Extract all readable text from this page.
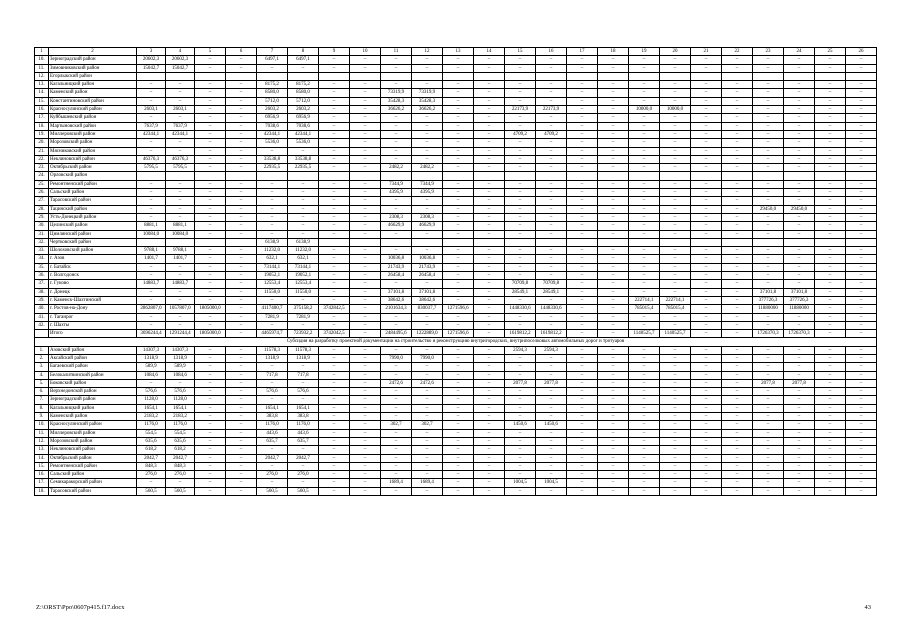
1	2	3	4	5	6	7	8	9	10	11	12	13	14	15	16	17	18	19	20	21	22	23	24	25	26
10.	Зерноградский район	20602,3	20602,3	–	–	6497,1	6497,1	–	–	–	–	–	–	–	–	–	–	–	–	–	–	–	–	–	–
11.	Зимовниковский район	15042,7	15042,7	–	–	–	–	–	–	–	–	–	–	–	–	–	–	–	–	–	–	–	–	–	–
12.	Егорлыкский район																								
13.	Кагальницкий район	–	–	–	–	8175,2	8175,2	–	–	–	–	–	–	–	–	–	–	–	–	–	–	–	–	–	–
14.	Каменский район	–	–	–	–	8580,0	8580,0	–	–	73319,9	73319,9	–	–	–	–	–	–	–	–	–	–	–	–	–	–
15.	Константиновский район	–	–	–	–	5712,0	5712,0	–	–	35428,3	35428,3	–	–	–	–	–	–	–	–	–	–	–	–	–	–
16.	Красносулинский район	2603,1	2603,1	–	–	2603,2	2603,2	–	–	36626,2	36626,2	–	–	22173,9	22173,9	–	–	10000,0	10000,0	–	–	–	–	–	–
17.	Куйбышевский район	–	–	–	–	6956,9	6956,9	–	–	–	–	–	–	–	–	–	–	–	–	–	–	–	–	–	–
18.	Мартыновский район	7637,9	7637,9	–	–	7038,6	7038,6	–	–	–	–	–	–	–	–	–	–	–	–	–	–	–	–	–	–
19.	Миллеровский район	42344,1	42344,1	–	–	42344,1	42344,1	–	–	–	–	–	–	4709,2	4709,2	–	–	–	–	–	–	–	–	–	–
20.	Морозовский район	–	–	–	–	5536,0	5536,0	–	–	–	–	–	–	–	–	–	–	–	–	–	–	–	–	–	–
21.	Мясниковский район	–	–	–	–	–	–	–	–	–	–	–	–	–	–	–	–	–	–	–	–	–	–	–	–
22.	Неклиновский район	46376,3	46376,3	–	–	33538,8	33538,8	–	–	–	–	–	–	–	–	–	–	–	–	–	–	–	–	–	–
23.	Октябрьский район	5795,5	5795,5	–	–	22935,5	22935,5	–	–	2482,2	2482,2	–	–	–	–	–	–	–	–	–	–	–	–	–	–
24.	Орловский район																								
25.	Ремонтненский район	–	–	–	–	–	–	–	–	7344,9	7344,9	–	–	–	–	–	–	–	–	–	–	–	–	–	–
26.	Сальский район	–	–	–	–	–	–	–	–	4395,9	4395,9	–	–	–	–	–	–	–	–	–	–	–	–	–	–
27.	Тарасовский район	–	–	–	–	–	–	–	–	–	–	–	–	–	–	–	–	–	–	–	–	–	–	–	–
28.	Тацинский район	–	–	–	–	–	–	–	–	–	–	–	–	–	–	–	–	–	–	–	–	29450,0	29450,0	–	–
29.	Усть-Донецкий район	–	–	–	–	–	–	–	–	2308,3	2308,3	–	–	–	–	–	–	–	–	–	–	–	–	–	–
30.	Целинский район	8881,1	8881,1	–	–	–	–	–	–	46629,9	46629,9	–	–	–	–	–	–	–	–	–	–	–	–	–	–
31.	Цимлянский район	10084,0	10084,0	–	–	–	–	–	–	–	–	–	–	–	–	–	–	–	–	–	–	–	–	–	–
32.	Чертковский район					6138,9	6138,9																		
33.	Шолоховский район	9788,1	9788,1	–	–	11232,0	11232,0	–	–	–	–	–	–	–	–	–	–	–	–	–	–	–	–	–	–
34.	г. Азов	1401,7	1401,7	–	–	632,1	632,1	–	–	10036,8	10036,8	–	–	–	–	–	–	–	–	–	–	–	–	–	–
35.	г. Батайск	–	–	–	–	73144,1	73144,1	–	–	21743,9	21743,9	–	–	–	–	–	–	–	–	–	–	–	–	–	–
36.	г. Волгодонск	–	–	–	–	19052,1	19052,1	–	–	26458,4	26458,4	–	–	–	–	–	–	–	–	–	–	–	–	–	–
37.	г. Гуково	14883,7	14883,7	–	–	12553,4	12553,4	–	–	–	–	–	–	70709,8	70709,8	–	–	–	–	–	–	–	–	–	–
38.	г. Донецк	–	–	–	–	11550,0	11550,0	–	–	37101,8	37101,8	–	–	28549,1	28549,1	–	–	–	–	–	–	37101,8	37101,8	–	–
39.	г. Каменск-Шахтинский	–	–	–	–	–	–	–	–	38642,6	38642,6	–	–	–	–	–	–	222714,1	222714,1	–	–	377726,3	377726,3	–	–
40.	г. Ростов-на-Дону	2862807,0	1057807,0	1805000,0	–	4117400,7	375158,2	3742842,5	–	2101634,3	830037,7	1271596,6	–	1448330,6	1448330,6	–	–	785015,4	785015,4	–	–	11880000	11880000	–	–
41.	г. Таганрог	–	–	–	–	7281,9	7281,9	–	–	–	–	–	–	–	–	–	–	–	–	–	–	–	–	–	–
42.	г. Шахты	–	–	–	–	–	–	–	–	–	–	–	–	–	–	–	–	–	–	–	–	–	–	–	–
	Итого	3696244,4	1291244,4	1805000,0	–	4465974,7	723932,2	3742042,5	–	2484495,6	1222889,0	1271596,6	–	1619812,2	1619812,2	–	–	1140525,7	1140525,7	–	–	1726370,3	1726370,3	–	–
Субсидия на разработку проектной документации на строительство и реконструкцию внутригородских, внутрипоселковых автомобильных дорог и тротуаров																									
1.	Азовский район	14307,3	14307,3	–	–	11578,3	11578,3	–	–	–	–	–	–	2594,3	2594,3	–	–	–	–	–	–	–	–	–	–
2.	Аксайский район	1318,9	1318,9	–	–	1318,9	1318,9	–	–	7990,0	7990,0	–	–	–	–	–	–	–	–	–	–	–	–	–	–
3.	Багаевский район	589,9	589,9	–	–	–	–	–	–	–	–	–	–	–	–	–	–	–	–	–	–	–	–	–	–
4.	Белокалитвинский район	1084,6	1084,6	–	–	717,8	717,8	–	–	–	–	–	–	–	–	–	–	–	–	–	–	–	–	–	–
5.	Боковский район	–	–	–	–	–	–	–	–	2472,6	2472,6	–	–	2077,8	2077,8	–	–	–	–	–	–	2077,8	2077,8	–	–
6.	Верхнедонской район	576,6	576,6	–	–	576,6	576,6	–	–	–	–	–	–	–	–	–	–	–	–	–	–	–	–	–	–
7.	Зерноградский район	1128,0	1128,0	–	–	–	–	–	–	–	–	–	–	–	–	–	–	–	–	–	–	–	–	–	–
8.	Кагальницкий район	1654,1	1654,1	–	–	1654,1	1654,1	–	–	–	–	–	–	–	–	–	–	–	–	–	–	–	–	–	–
9.	Каменский район	2183,2	2183,2	–	–	383,8	383,8	–	–	–	–	–	–	–	–	–	–	–	–	–	–	–	–	–	–
10.	Красносулинский район	1176,0	1176,0	–	–	1176,0	1176,0	–	–	302,7	302,7	–	–	1450,6	1450,6	–	–	–	–	–	–	–	–	–	–
11.	Миллеровский район	554,5	554,5	–	–	443,6	443,6	–	–	–	–	–	–	–	–	–	–	–	–	–	–	–	–	–	–
12.	Морозовский район	635,6	635,6	–	–	635,7	635,7	–	–	–	–	–	–	–	–	–	–	–	–	–	–	–	–	–	–
13.	Неклиновский район	618,2	618,2	–	–	–	–	–	–	–	–	–	–	–	–	–	–	–	–	–	–	–	–	–	–
14.	Октябрьский район	2042,7	2042,7	–	–	2042,7	2042,7	–	–	–	–	–	–	–	–	–	–	–	–	–	–	–	–	–	–
15.	Ремонтненский район	848,3	848,3	–	–	–	–	–	–	–	–	–	–	–	–	–	–	–	–	–	–	–	–	–	–
16.	Сальский район	276,0	276,0	–	–	276,0	276,0	–	–	–	–	–	–	–	–	–	–	–	–	–	–	–	–	–	–
17.	Семикаракорский район	–	–	–	–	–	–	–	–	1689,4	1689,4	–	–	1004,5	1004,5	–	–	–	–	–	–	–	–	–	–
18.	Тарасовский район	560,5	560,5	–	–	560,5	560,5	–	–	–	–	–	–	–	–	–	–	–	–	–	–	–	–	–	–
Z:\ORST\Ppo\0607p415.f17.docx	43
